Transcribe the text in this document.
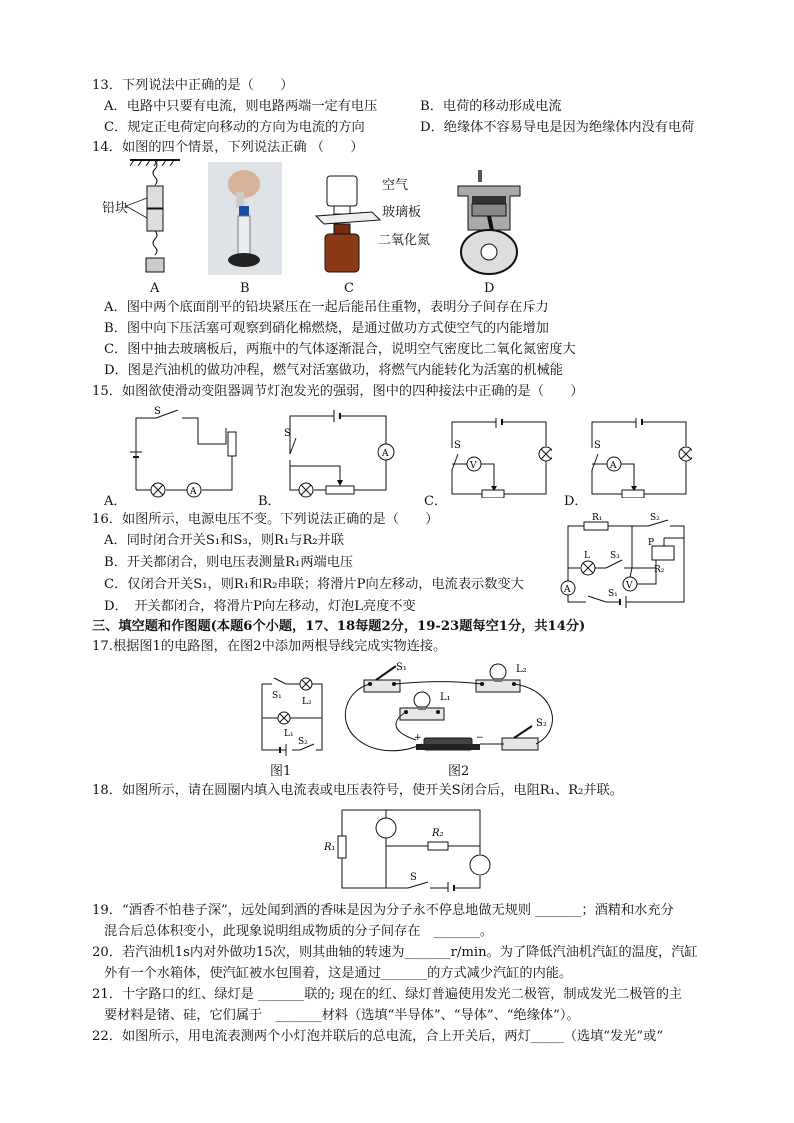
13．下列说法中正确的是（　　）
A．电路中只要有电流，则电路两端一定有电压	B．电荷的移动形成电流
C．规定正电荷定向移动的方向为电流的方向	D．绝缘体不容易导电是因为绝缘体内没有电荷
14．如图的四个情景，下列说法正确 （　　）
铅块
A	B
空气
玻璃板
二氧化氮
C	D
A．图中两个底面削平的铅块紧压在一起后能吊住重物，表明分子间存在斥力
B．图中向下压活塞可观察到硝化棉燃烧，是通过做功方式使空气的内能增加
C．图中抽去玻璃板后，两瓶中的气体逐渐混合，说明空气密度比二氧化氮密度大
D．图是汽油机的做功冲程，燃气对活塞做功，将燃气内能转化为活塞的机械能
15．如图欲使滑动变阻器调节灯泡发光的强弱，图中的四种接法中正确的是（　　）
A
S
A．
A
S
B．
V
S
C．
A
S
D．
16．如图所示，电源电压不变。下列说法正确的是（　　）
A．同时闭合开关S₁和S₃，则R₁与R₂并联
B．开关都闭合，则电压表测量R₁两端电压
C．仅闭合开关S₁，则R₁和R₂串联；将滑片P向左移动，电流表示数变大
D．　开关都闭合，将滑片P向左移动，灯泡L亮度不变
A	V
R₁	S₂
L S₃
P
R₂
S₁
三、填空题和作图题(本题6个小题，17、18每题2分，19-23题每空1分，共14分)
17.根据图1的电路图，在图2中添加两根导线完成实物连接。
S₁
L₂
L₁
S₂
图1
S₁
L₁
L₂
+	−
S₂
图2
18．如图所示，请在圆圈内填入电流表或电压表符号，使开关S闭合后，电阻R₁、R₂并联。
R₂
R₁
S
19．“酒香不怕巷子深”，远处闻到酒的香味是因为分子永不停息地做无规则 _______；酒精和水充分
混合后总体积变小，此现象说明组成物质的分子间存在　_______。
20．若汽油机1s内对外做功15次，则其曲轴的转速为_______r/min。为了降低汽油机汽缸的温度，汽缸
外有一个水箱体，使汽缸被水包围着，这是通过_______的方式减少汽缸的内能。
21．十字路口的红、绿灯是 _______联的; 现在的红、绿灯普遍使用发光二极管，制成发光二极管的主
要材料是锗、硅，它们属于　_______材料（选填“半导体”、“导体”、“绝缘体”）。
22．如图所示，用电流表测两个小灯泡并联后的总电流，合上开关后，两灯_____（选填“发光”或“
